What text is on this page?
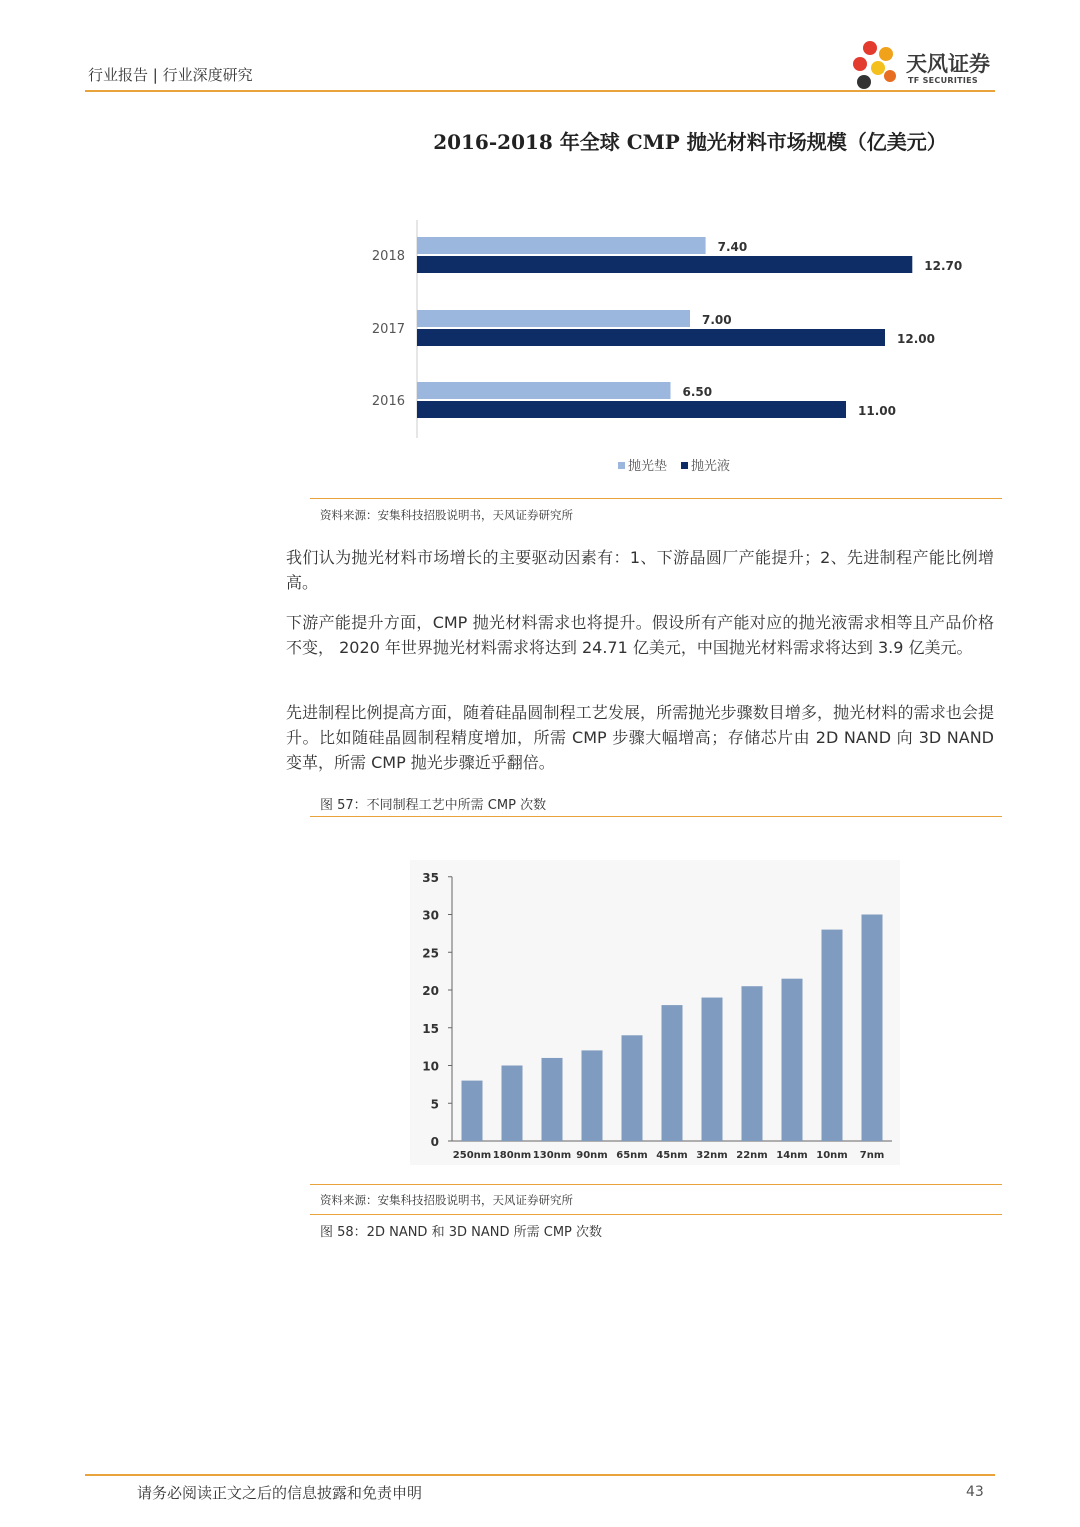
行业报告 | 行业深度研究	天风证券
TF SECURITIES
2016-2018 年全球 CMP 抛光材料市场规模（亿美元）
2018
7.40
12.70
2017
7.00
12.00
2016
6.50
11.00
抛光垫 抛光液
资料来源：安集科技招股说明书，天风证券研究所
我们认为抛光材料市场增长的主要驱动因素有：1、下游晶圆厂产能提升；2、先进制程产能比例增高。
下游产能提升方面，CMP 抛光材料需求也将提升。假设所有产能对应的抛光液需求相等且产品价格不变， 2020 年世界抛光材料需求将达到 24.71 亿美元，中国抛光材料需求将达到 3.9 亿美元。
先进制程比例提高方面，随着硅晶圆制程工艺发展，所需抛光步骤数目增多，抛光材料的需求也会提升。比如随硅晶圆制程精度增加，所需 CMP 步骤大幅增高；存储芯片由 2D NAND 向 3D NAND 变革，所需 CMP 抛光步骤近乎翻倍。
图 57：不同制程工艺中所需 CMP 次数
0
5
10
15
20
25
30
35
250nm 180nm 130nm 90nm 65nm 45nm 32nm 22nm 14nm 10nm 7nm
资料来源：安集科技招股说明书，天风证券研究所
图 58：2D NAND 和 3D NAND 所需 CMP 次数
请务必阅读正文之后的信息披露和免责申明	43
